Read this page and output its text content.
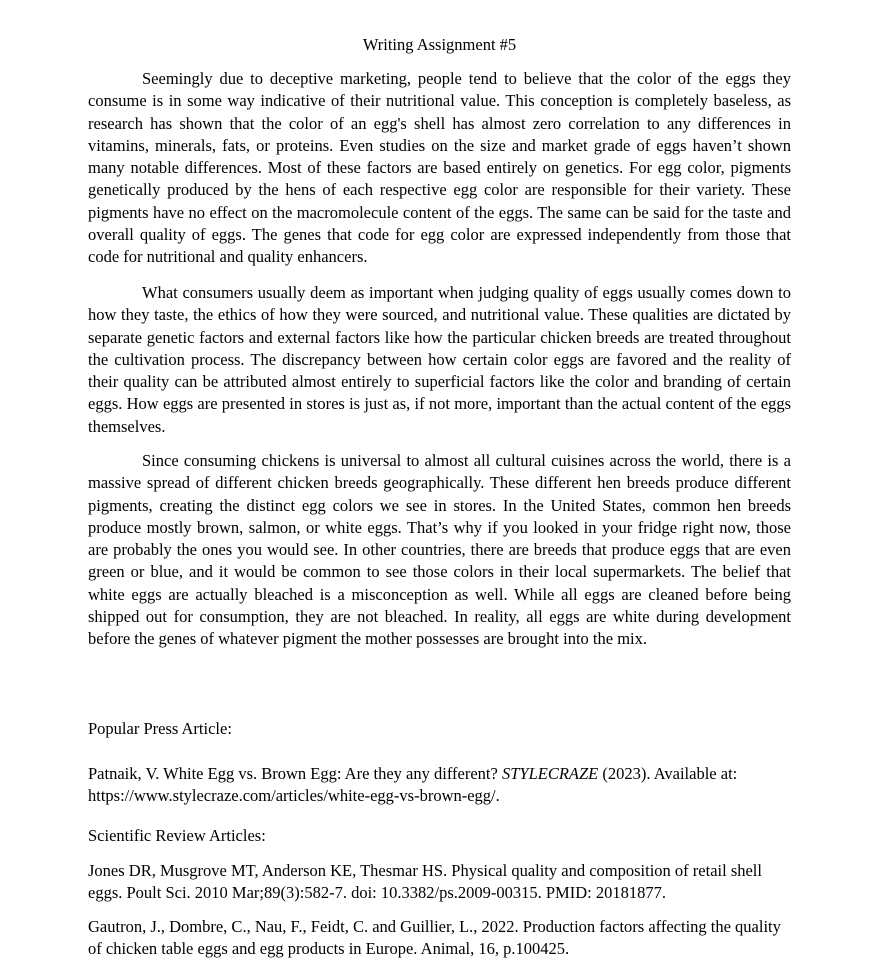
Writing Assignment #5

Seemingly due to deceptive marketing, people tend to believe that the color of the eggs they consume is in some way indicative of their nutritional value. This conception is completely baseless, as research has shown that the color of an egg's shell has almost zero correlation to any differences in vitamins, minerals, fats, or proteins. Even studies on the size and market grade of eggs haven’t shown many notable differences. Most of these factors are based entirely on genetics. For egg color, pigments genetically produced by the hens of each respective egg color are responsible for their variety. These pigments have no effect on the macromolecule content of the eggs. The same can be said for the taste and overall quality of eggs. The genes that code for egg color are expressed independently from those that code for nutritional and quality enhancers.

What consumers usually deem as important when judging quality of eggs usually comes down to how they taste, the ethics of how they were sourced, and nutritional value. These qualities are dictated by separate genetic factors and external factors like how the particular chicken breeds are treated throughout the cultivation process. The discrepancy between how certain color eggs are favored and the reality of their quality can be attributed almost entirely to superficial factors like the color and branding of certain eggs. How eggs are presented in stores is just as, if not more, important than the actual content of the eggs themselves.

Since consuming chickens is universal to almost all cultural cuisines across the world, there is a massive spread of different chicken breeds geographically. These different hen breeds produce different pigments, creating the distinct egg colors we see in stores. In the United States, common hen breeds produce mostly brown, salmon, or white eggs. That’s why if you looked in your fridge right now, those are probably the ones you would see. In other countries, there are breeds that produce eggs that are even green or blue, and it would be common to see those colors in their local supermarkets. The belief that white eggs are actually bleached is a misconception as well. While all eggs are cleaned before being shipped out for consumption, they are not bleached. In reality, all eggs are white during development before the genes of whatever pigment the mother possesses are brought into the mix.

Popular Press Article:

Patnaik, V. White Egg vs. Brown Egg: Are they any different? STYLECRAZE (2023). Available at: https://www.stylecraze.com/articles/white-egg-vs-brown-egg/.

Scientific Review Articles:

Jones DR, Musgrove MT, Anderson KE, Thesmar HS. Physical quality and composition of retail shell eggs. Poult Sci. 2010 Mar;89(3):582-7. doi: 10.3382/ps.2009-00315. PMID: 20181877.

Gautron, J., Dombre, C., Nau, F., Feidt, C. and Guillier, L., 2022. Production factors affecting the quality of chicken table eggs and egg products in Europe. Animal, 16, p.100425.
